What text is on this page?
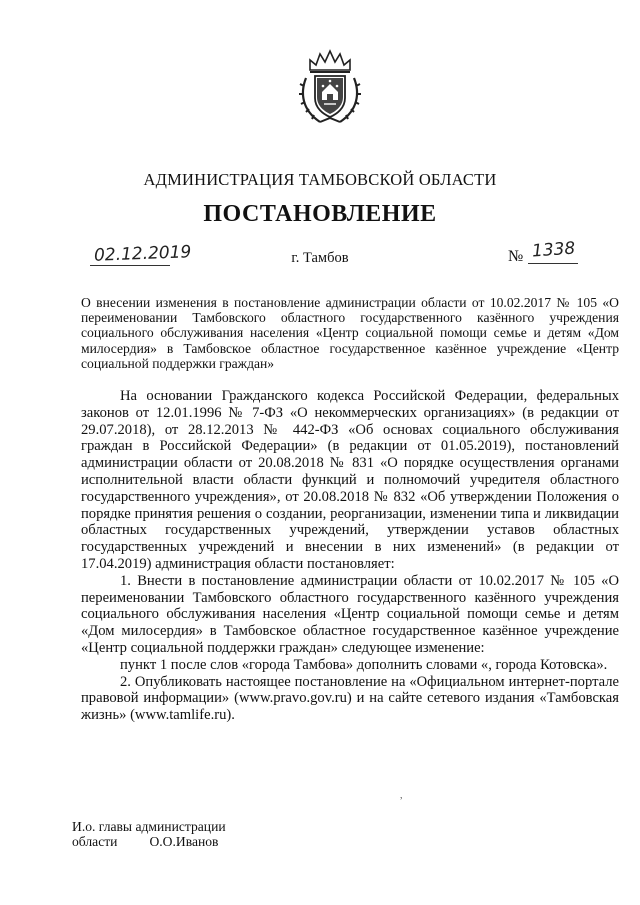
АДМИНИСТРАЦИЯ ТАМБОВСКОЙ ОБЛАСТИ
ПОСТАНОВЛЕНИЕ
02.12.2019	г. Тамбов	№ 1338
О внесении изменения в постановление администрации области от 10.02.2017 № 105 «О переименовании Тамбовского областного государственного казённого учреждения социального обслуживания населения «Центр социальной помощи семье и детям «Дом милосердия» в Тамбовское областное государственное казённое учреждение «Центр социальной поддержки граждан»

На основании Гражданского кодекса Российской Федерации, федеральных законов от 12.01.1996 № 7-ФЗ «О некоммерческих организациях» (в редакции от 29.07.2018), от 28.12.2013 № 442-ФЗ «Об основах социального обслуживания граждан в Российской Федерации» (в редакции от 01.05.2019), постановлений администрации области от 20.08.2018 № 831 «О порядке осуществления органами исполнительной власти области функций и полномочий учредителя областного государственного учреждения», от 20.08.2018 № 832 «Об утверждении Положения о порядке принятия решения о создании, реорганизации, изменении типа и ликвидации областных государственных учреждений, утверждении уставов областных государственных учреждений и внесении в них изменений» (в редакции от 17.04.2019) администрация области постановляет:

1. Внести в постановление администрации области от 10.02.2017 № 105 «О переименовании Тамбовского областного государственного казённого учреждения социального обслуживания населения «Центр социальной помощи семье и детям «Дом милосердия» в Тамбовское областное государственное казённое учреждение «Центр социальной поддержки граждан» следующее изменение:

пункт 1 после слов «города Тамбова» дополнить словами «, города Котовска».

2. Опубликовать настоящее постановление на «Официальном интернет-портале правовой информации» (www.pravo.gov.ru) и на сайте сетевого издания «Тамбовская жизнь» (www.tamlife.ru).

,
И.о. главы администрации
области О.О.Иванов
